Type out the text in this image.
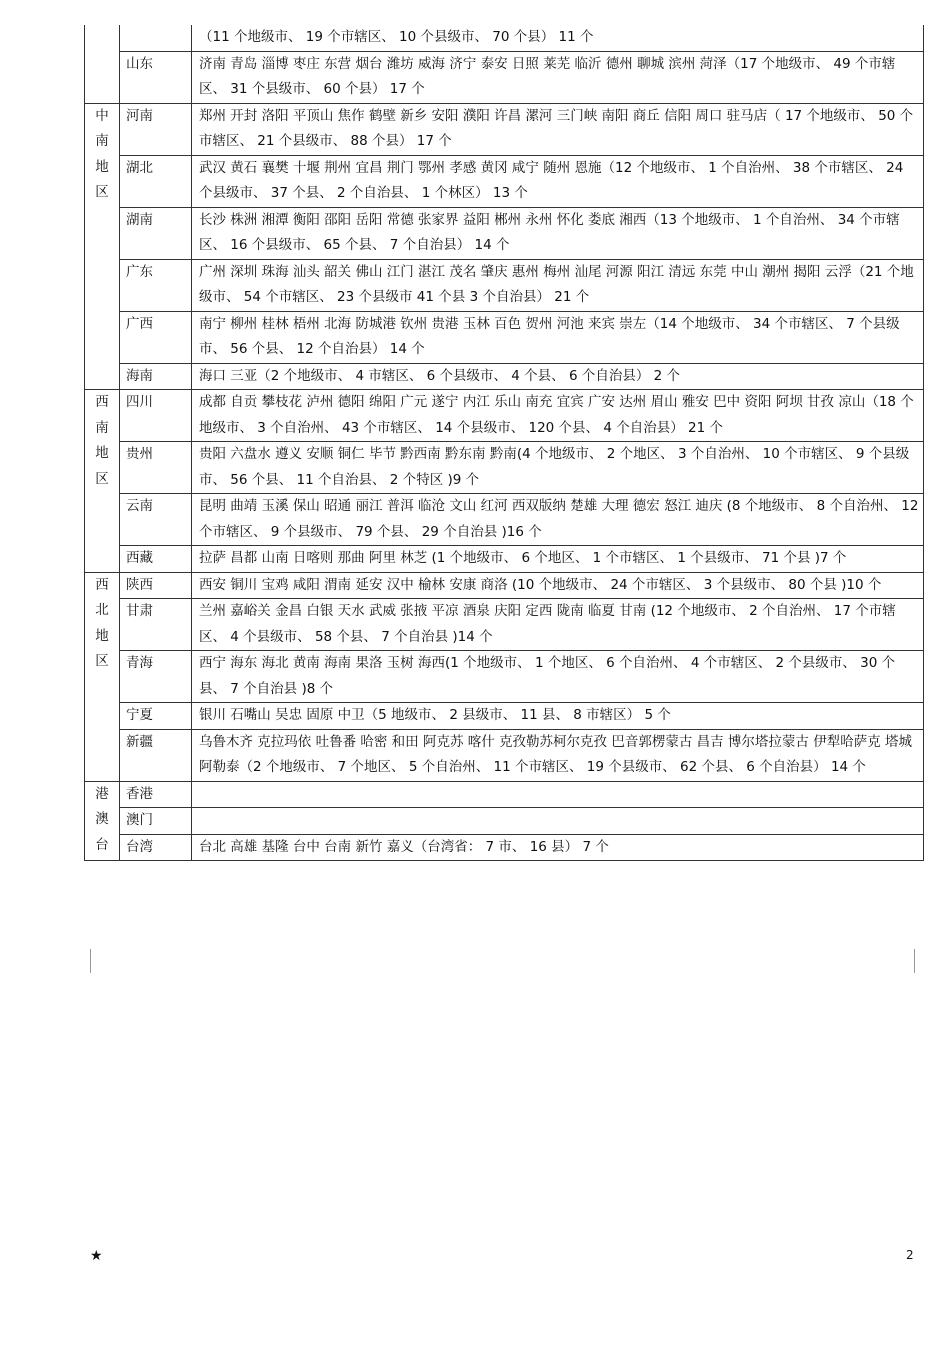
		（11 个地级市、 19 个市辖区、 10 个县级市、 70 个县） 11 个
	山东	济南 青岛 淄博 枣庄 东营 烟台 潍坊 威海 济宁 泰安 日照 莱芜 临沂 德州 聊城 滨州 菏泽（17 个地级市、 49 个市辖区、 31 个县级市、 60 个县） 17 个

中
南
地
区	河南	郑州 开封 洛阳 平顶山 焦作 鹤壁 新乡 安阳 濮阳 许昌 漯河 三门峡 南阳 商丘 信阳 周口 驻马店（ 17 个地级市、 50 个市辖区、 21 个县级市、 88 个县） 17 个
	湖北	武汉 黄石 襄樊 十堰 荆州 宜昌 荆门 鄂州 孝感 黄冈 咸宁 随州 恩施（12 个地级市、 1 个自治州、 38 个市辖区、 24 个县级市、 37 个县、 2 个自治县、 1 个林区） 13 个
	湖南	长沙 株洲 湘潭 衡阳 邵阳 岳阳 常德 张家界 益阳 郴州 永州 怀化 娄底 湘西（13 个地级市、 1 个自治州、 34 个市辖区、 16 个县级市、 65 个县、 7 个自治县） 14 个
	广东	广州 深圳 珠海 汕头 韶关 佛山 江门 湛江 茂名 肇庆 惠州 梅州 汕尾 河源 阳江 清远 东莞 中山 潮州 揭阳 云浮（21 个地级市、 54 个市辖区、 23 个县级市 41 个县 3 个自治县） 21 个
	广西	南宁 柳州 桂林 梧州 北海 防城港 钦州 贵港 玉林 百色 贺州 河池 来宾 崇左（14 个地级市、 34 个市辖区、 7 个县级市、 56 个县、 12 个自治县） 14 个
	海南	海口 三亚（2 个地级市、 4 市辖区、 6 个县级市、 4 个县、 6 个自治县） 2 个

西
南
地
区	四川	成都 自贡 攀枝花 泸州 德阳 绵阳 广元 遂宁 内江 乐山 南充 宜宾 广安 达州 眉山 雅安 巴中 资阳 阿坝 甘孜 凉山（18 个地级市、 3 个自治州、 43 个市辖区、 14 个县级市、 120 个县、 4 个自治县） 21 个
	贵州	贵阳 六盘水 遵义 安顺 铜仁 毕节 黔西南 黔东南 黔南(4 个地级市、 2 个地区、 3 个自治州、 10 个市辖区、 9 个县级市、 56 个县、 11 个自治县、 2 个特区 )9 个
	云南	昆明 曲靖 玉溪 保山 昭通 丽江 普洱 临沧 文山 红河 西双版纳 楚雄 大理 德宏 怒江 迪庆 (8 个地级市、 8 个自治州、 12 个市辖区、 9 个县级市、 79 个县、 29 个自治县 )16 个
	西藏	拉萨 昌都 山南 日喀则 那曲 阿里 林芝 (1 个地级市、 6 个地区、 1 个市辖区、 1 个县级市、 71 个县 )7 个

西
北
地
区	陕西	西安 铜川 宝鸡 咸阳 渭南 延安 汉中 榆林 安康 商洛 (10 个地级市、 24 个市辖区、 3 个县级市、 80 个县 )10 个
	甘肃	兰州 嘉峪关 金昌 白银 天水 武威 张掖 平凉 酒泉 庆阳 定西 陇南 临夏 甘南 (12 个地级市、 2 个自治州、 17 个市辖区、 4 个县级市、 58 个县、 7 个自治县 )14 个
	青海	西宁 海东 海北 黄南 海南 果洛 玉树 海西(1 个地级市、 1 个地区、 6 个自治州、 4 个市辖区、 2 个县级市、 30 个县、 7 个自治县 )8 个
	宁夏	银川 石嘴山 吴忠 固原 中卫（5 地级市、 2 县级市、 11 县、 8 市辖区） 5 个
	新疆	乌鲁木齐 克拉玛依 吐鲁番 哈密 和田 阿克苏 喀什 克孜勒苏柯尔克孜 巴音郭楞蒙古 昌吉 博尔塔拉蒙古 伊犁哈萨克 塔城 阿勒泰（2 个地级市、 7 个地区、 5 个自治州、 11 个市辖区、 19 个县级市、 62 个县、 6 个自治县） 14 个

港
澳
台	香港	
	澳门	
	台湾	台北 高雄 基隆 台中 台南 新竹 嘉义（台湾省： 7 市、 16 县） 7 个
★	2
